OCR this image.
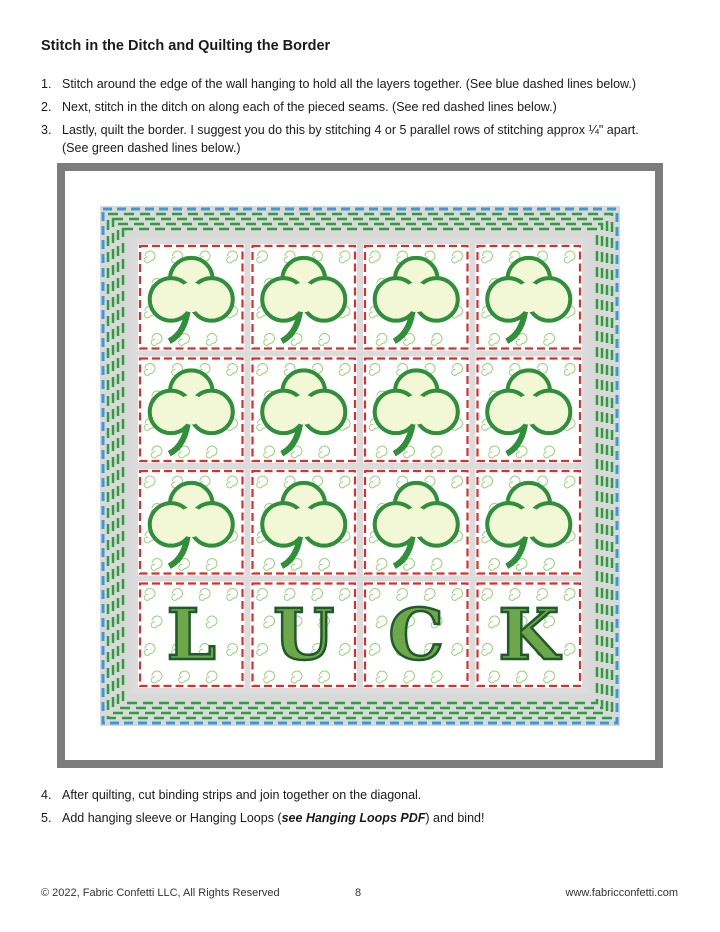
Stitch in the Ditch and Quilting the Border
1. Stitch around the edge of the wall hanging to hold all the layers together. (See blue dashed lines below.)
2. Next, stitch in the ditch on along each of the pieced seams. (See red dashed lines below.)
3. Lastly, quilt the border. I suggest you do this by stitching 4 or 5 parallel rows of stitching approx ¼" apart.
(See green dashed lines below.)
L U C K
4. After quilting, cut binding strips and join together on the diagonal.
5. Add hanging sleeve or Hanging Loops (see Hanging Loops PDF) and bind!
© 2022, Fabric Confetti LLC, All Rights Reserved	8	www.fabricconfetti.com
